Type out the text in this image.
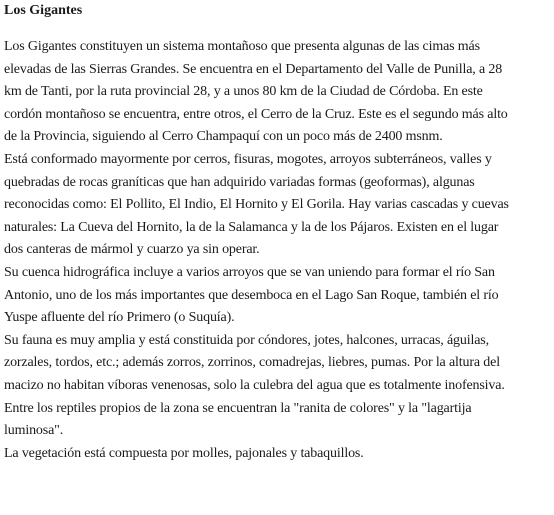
Los Gigantes
Los Gigantes constituyen un sistema montañoso que presenta algunas de las cimas más
elevadas de las Sierras Grandes. Se encuentra en el Departamento del Valle de Punilla, a 28
km de Tanti, por la ruta provincial 28, y a unos 80 km de la Ciudad de Córdoba. En este
cordón montañoso se encuentra, entre otros, el Cerro de la Cruz. Este es el segundo más alto
de la Provincia, siguiendo al Cerro Champaquí con un poco más de 2400 msnm.
Está conformado mayormente por cerros, fisuras, mogotes, arroyos subterráneos, valles y
quebradas de rocas graníticas que han adquirido variadas formas (geoformas), algunas
reconocidas como: El Pollito, El Indio, El Hornito y El Gorila. Hay varias cascadas y cuevas
naturales: La Cueva del Hornito, la de la Salamanca y la de los Pájaros. Existen en el lugar
dos canteras de mármol y cuarzo ya sin operar.
Su cuenca hidrográfica incluye a varios arroyos que se van uniendo para formar el río San
Antonio, uno de los más importantes que desemboca en el Lago San Roque, también el río
Yuspe afluente del río Primero (o Suquía).
Su fauna es muy amplia y está constituida por cóndores, jotes, halcones, urracas, águilas,
zorzales, tordos, etc.; además zorros, zorrinos, comadrejas, liebres, pumas. Por la altura del
macizo no habitan víboras venenosas, solo la culebra del agua que es totalmente inofensiva.
Entre los reptiles propios de la zona se encuentran la "ranita de colores" y la "lagartija
luminosa".
La vegetación está compuesta por molles, pajonales y tabaquillos.
